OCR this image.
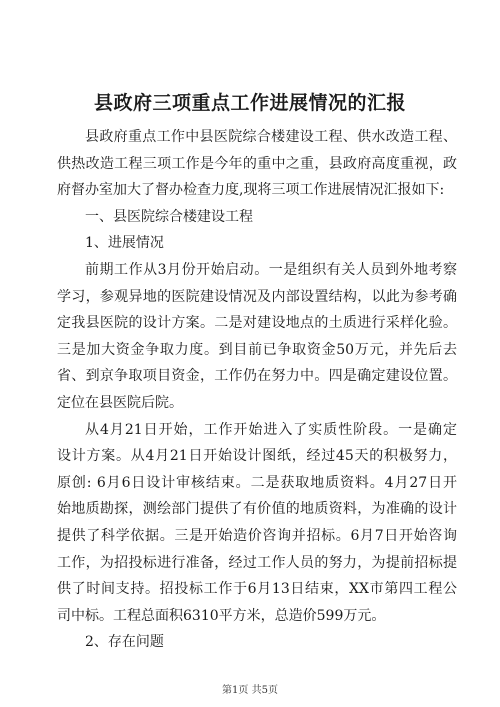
县政府三项重点工作进展情况的汇报
县政府重点工作中县医院综合楼建设工程、供水改造工程、
供热改造工程三项工作是今年的重中之重，县政府高度重视，政
府督办室加大了督办检查力度,现将三项工作进展情况汇报如下:
一、县医院综合楼建设工程
1、进展情况
前期工作从3月份开始启动。一是组织有关人员到外地考察
学习，参观异地的医院建设情况及内部设置结构，以此为参考确
定我县医院的设计方案。二是对建设地点的土质进行采样化验。
三是加大资金争取力度。到目前已争取资金50万元，并先后去
省、到京争取项目资金，工作仍在努力中。四是确定建设位置。
定位在县医院后院。
从4月21日开始，工作开始进入了实质性阶段。一是确定
设计方案。从4月21日开始设计图纸，经过45天的积极努力，
原创: 6月6日设计审核结束。二是获取地质资料。4月27日开
始地质勘探，测绘部门提供了有价值的地质资料，为准确的设计
提供了科学依据。三是开始造价咨询并招标。6月7日开始咨询
工作，为招投标进行准备，经过工作人员的努力，为提前招标提
供了时间支持。招投标工作于6月13日结束，XX市第四工程公
司中标。工程总面积6310平方米，总造价599万元。
2、存在问题
第1页 共5页
